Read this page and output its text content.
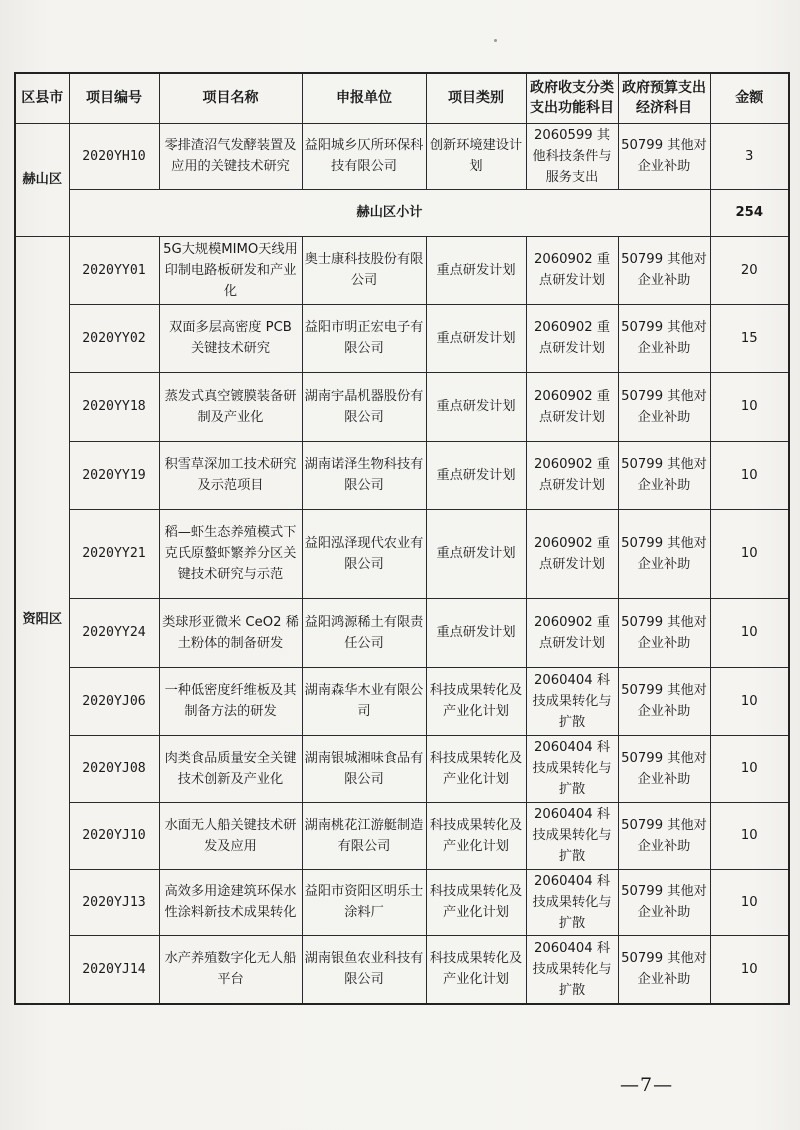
区县市	项目编号	项目名称	申报单位	项目类别	政府收支分类支出功能科目	政府预算支出经济科目	金额
赫山区	2020YH10	零排渣沼气发酵装置及应用的关键技术研究	益阳城乡仄所环保科技有限公司	创新环境建设计划	2060599 其他科技条件与服务支出	50799 其他对企业补助	3
	赫山区小计						254
资阳区	2020YY01	5G大规模MIMO天线用印制电路板研发和产业化	奥士康科技股份有限公司	重点研发计划	2060902 重点研发计划	50799 其他对企业补助	20
	2020YY02	双面多层高密度 PCB 关键技术研究	益阳市明正宏电子有限公司	重点研发计划	2060902 重点研发计划	50799 其他对企业补助	15
	2020YY18	蒸发式真空镀膜装备研制及产业化	湖南宇晶机器股份有限公司	重点研发计划	2060902 重点研发计划	50799 其他对企业补助	10
	2020YY19	积雪草深加工技术研究及示范项目	湖南诺泽生物科技有限公司	重点研发计划	2060902 重点研发计划	50799 其他对企业补助	10
	2020YY21	稻—虾生态养殖模式下克氏原螯虾繁养分区关键技术研究与示范	益阳泓泽现代农业有限公司	重点研发计划	2060902 重点研发计划	50799 其他对企业补助	10
	2020YY24	类球形亚微米 CeO2 稀土粉体的制备研发	益阳鸿源稀土有限责任公司	重点研发计划	2060902 重点研发计划	50799 其他对企业补助	10
	2020YJ06	一种低密度纤维板及其制备方法的研发	湖南森华木业有限公司	科技成果转化及产业化计划	2060404 科技成果转化与扩散	50799 其他对企业补助	10
	2020YJ08	肉类食品质量安全关键技术创新及产业化	湖南银城湘味食品有限公司	科技成果转化及产业化计划	2060404 科技成果转化与扩散	50799 其他对企业补助	10
	2020YJ10	水面无人船关键技术研发及应用	湖南桃花江游艇制造有限公司	科技成果转化及产业化计划	2060404 科技成果转化与扩散	50799 其他对企业补助	10
	2020YJ13	高效多用途建筑环保水性涂料新技术成果转化	益阳市资阳区明乐士涂料厂	科技成果转化及产业化计划	2060404 科技成果转化与扩散	50799 其他对企业补助	10
	2020YJ14	水产养殖数字化无人船平台	湖南银鱼农业科技有限公司	科技成果转化及产业化计划	2060404 科技成果转化与扩散	50799 其他对企业补助	10
—7—
